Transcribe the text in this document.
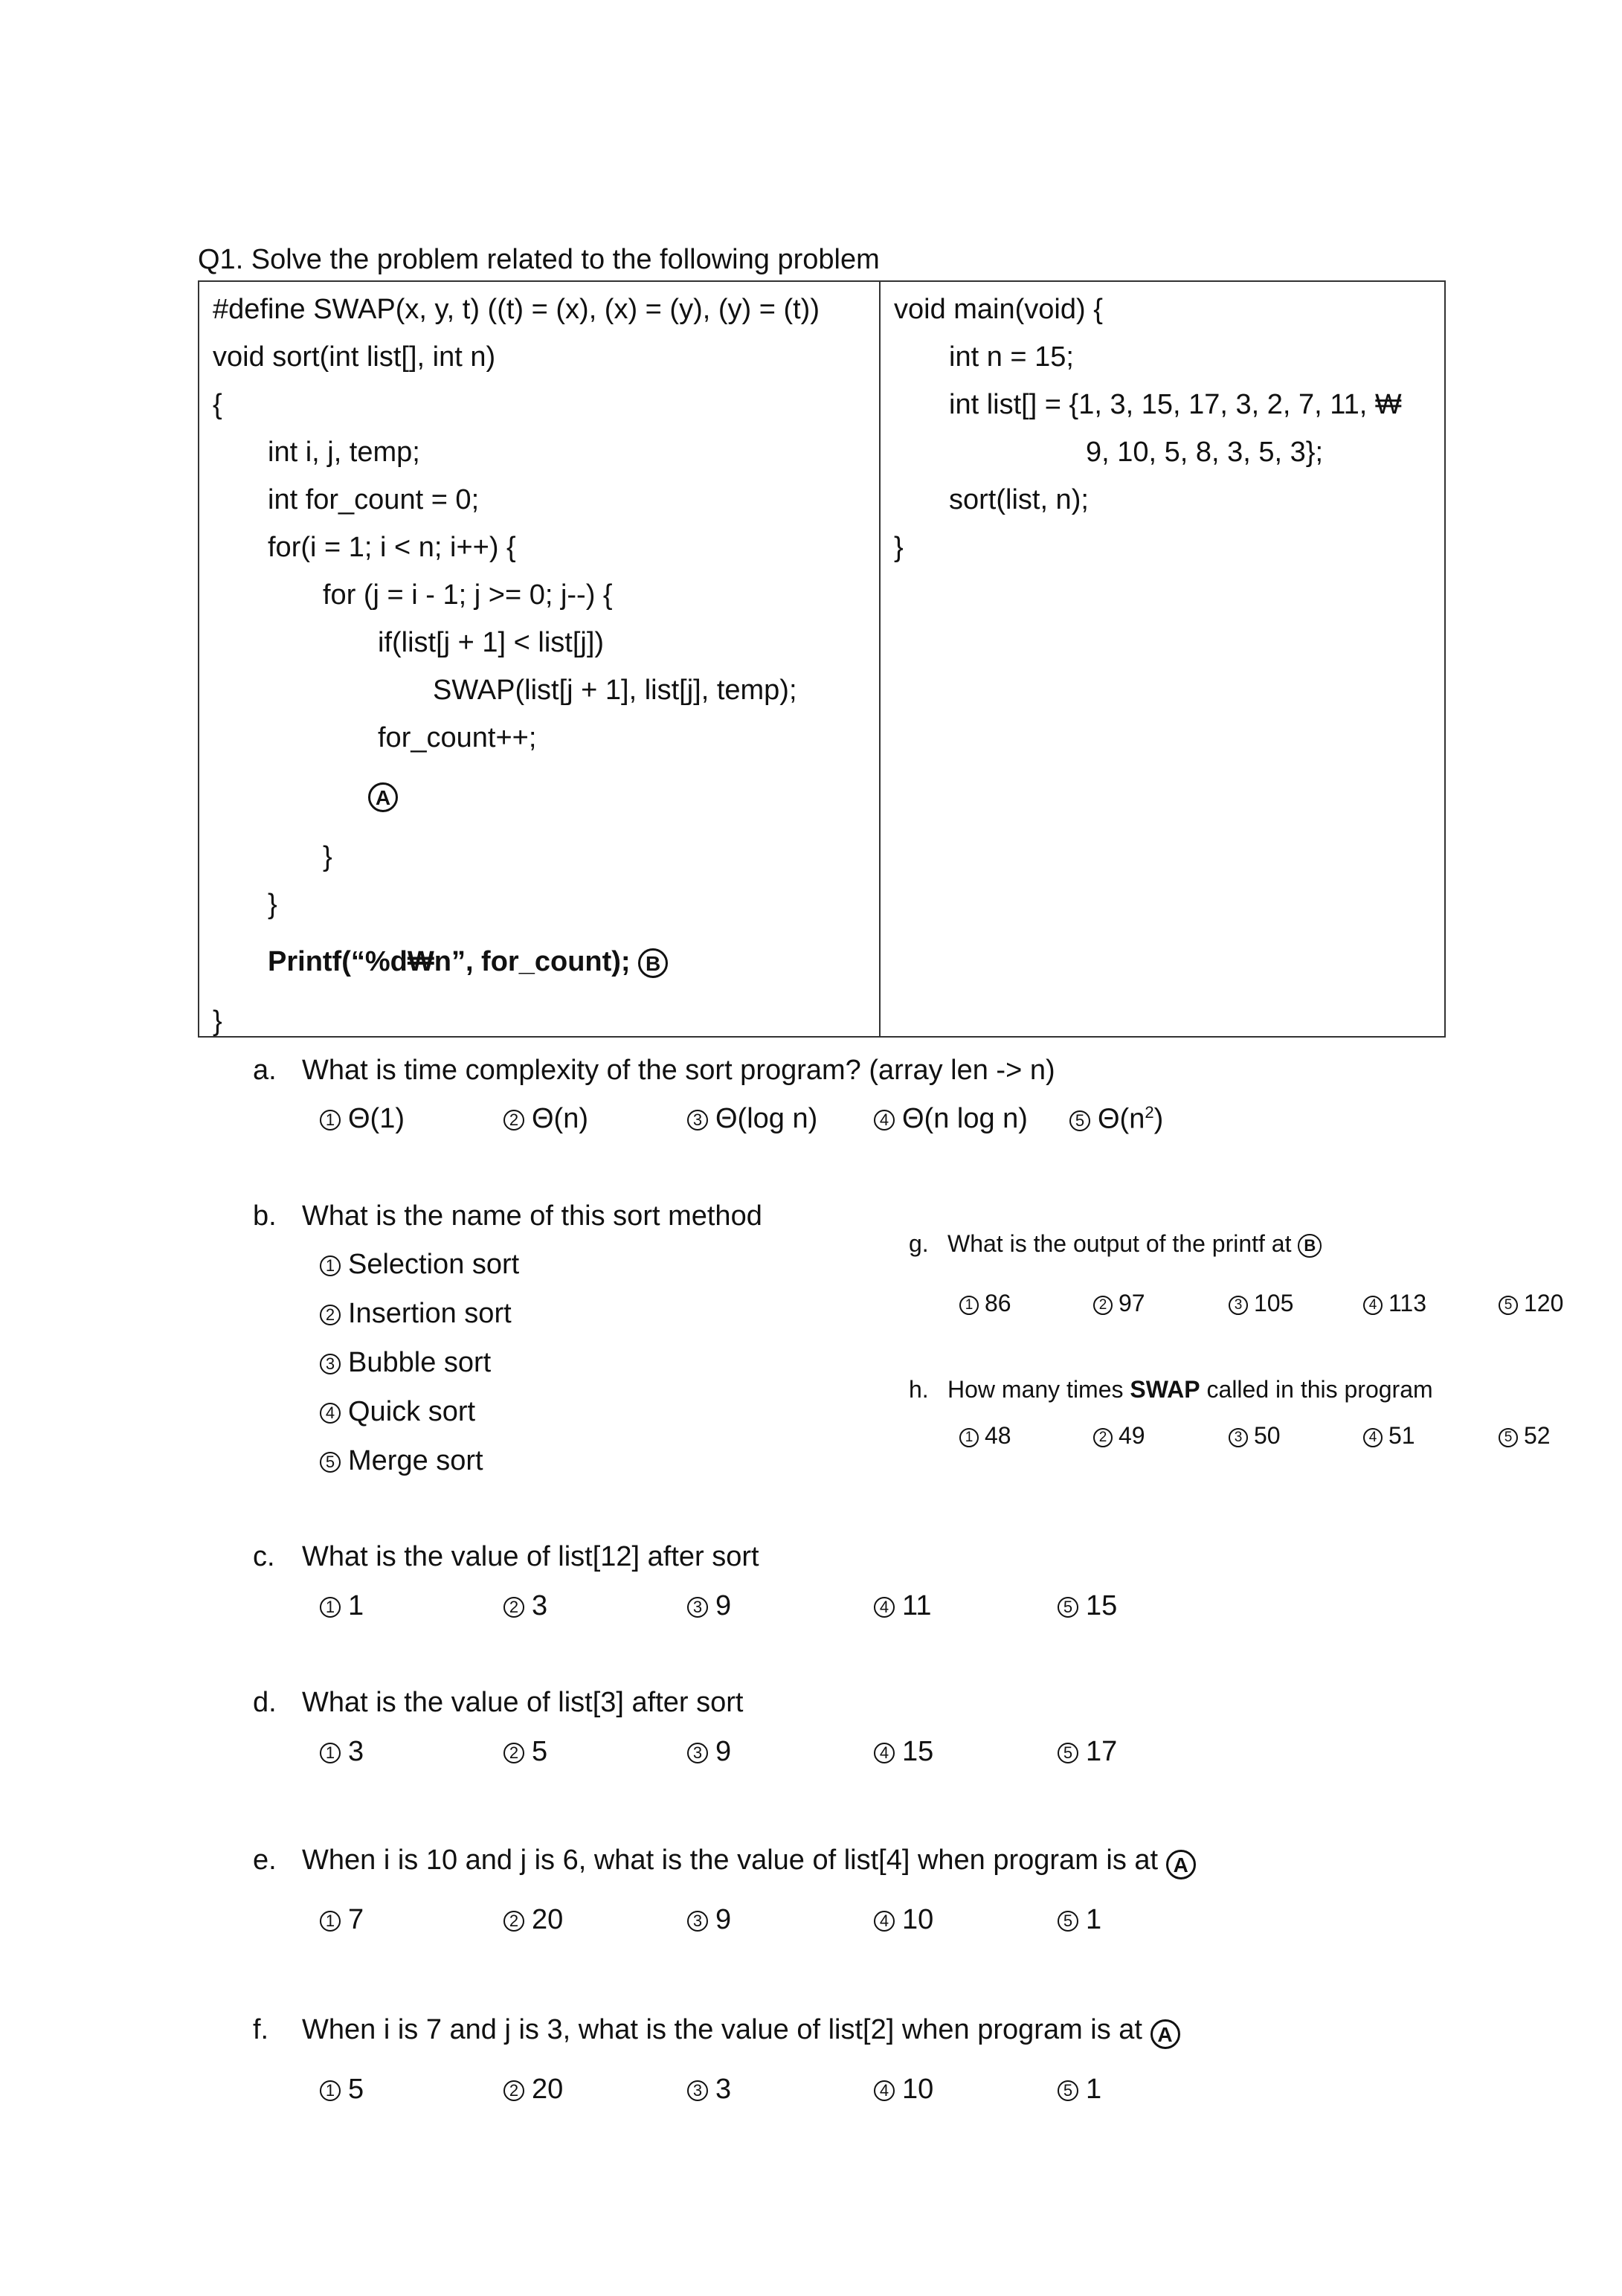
Q1. Solve the problem related to the following problem
#define SWAP(x, y, t) ((t) = (x), (x) = (y), (y) = (t))
void sort(int list[], int n)
{
int i, j, temp;
int for_count = 0;
for(i = 1; i < n; i++) {
for (j = i - 1; j >= 0; j--) {
if(list[j + 1] < list[j])
SWAP(list[j + 1], list[j], temp);
for_count++;
A
}
}
Printf(“%d₩n”, for_count); B
}
void main(void) {
int n = 15;
int list[] = {1, 3, 15, 17, 3, 2, 7, 11, ₩
9, 10, 5, 8, 3, 5, 3};
sort(list, n);
}
a. What is time complexity of the sort program? (array len -> n)
1 Θ(1)	2 Θ(n)	3 Θ(log n)	4 Θ(n log n)	5 $\Theta(n^2)$
b. What is the name of this sort method
1 Selection sort
2 Insertion sort
3 Bubble sort
4 Quick sort
5 Merge sort
g. What is the output of the printf at B
1 86	2 97	3 105	4 113	5 120
h. How many times SWAP called in this program
1 48	2 49	3 50	4 51	5 52
c. What is the value of list[12] after sort
1 1	2 3	3 9	4 11	5 15
d. What is the value of list[3] after sort
1 3	2 5	3 9	4 15	5 17
e. When i is 10 and j is 6, what is the value of list[4] when program is at A
1 7	2 20	3 9	4 10	5 1
f. When i is 7 and j is 3, what is the value of list[2] when program is at A
1 5	2 20	3 3	4 10	5 1
